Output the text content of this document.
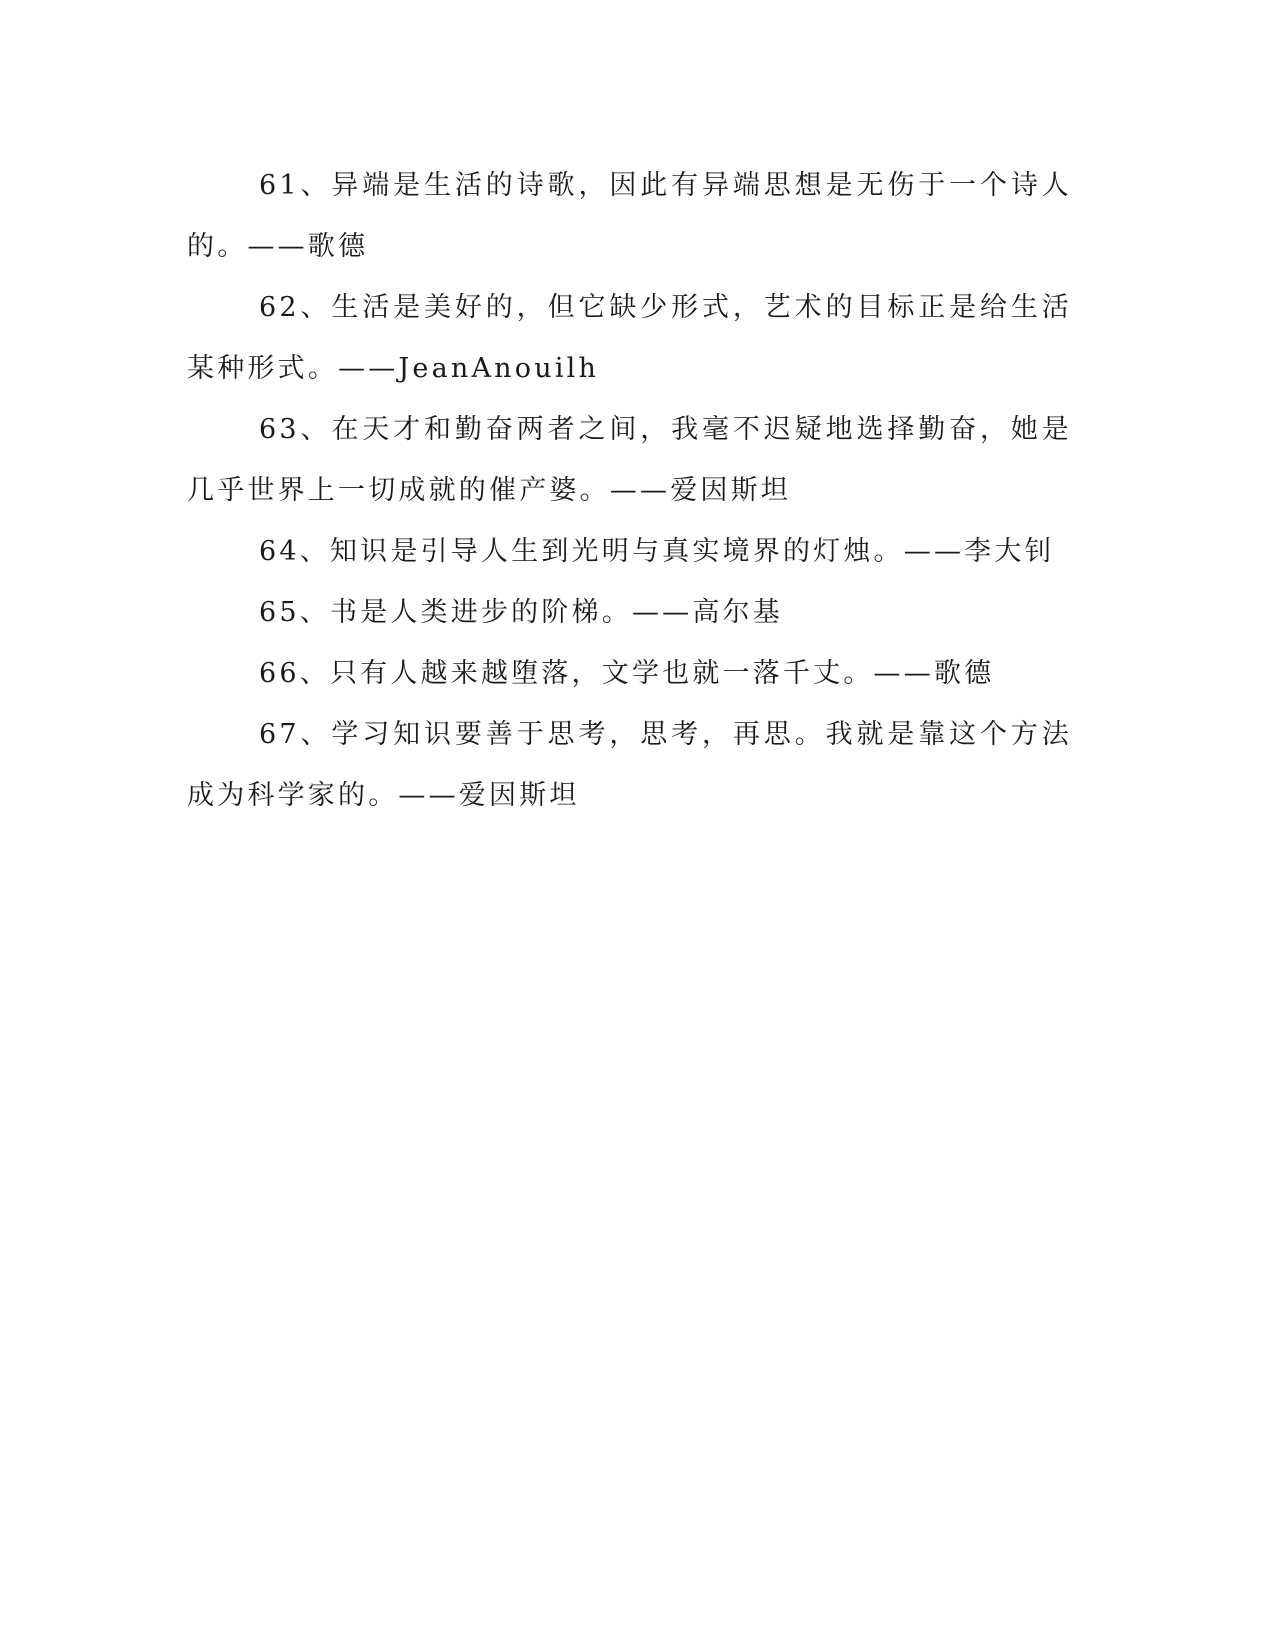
61、异端是生活的诗歌，因此有异端思想是无伤于一个诗人的。——歌德

62、生活是美好的，但它缺少形式，艺术的目标正是给生活某种形式。——JeanAnouilh

63、在天才和勤奋两者之间，我毫不迟疑地选择勤奋，她是几乎世界上一切成就的催产婆。——爱因斯坦

64、知识是引导人生到光明与真实境界的灯烛。——李大钊

65、书是人类进步的阶梯。——高尔基

66、只有人越来越堕落，文学也就一落千丈。——歌德

67、学习知识要善于思考，思考，再思。我就是靠这个方法成为科学家的。——爱因斯坦
